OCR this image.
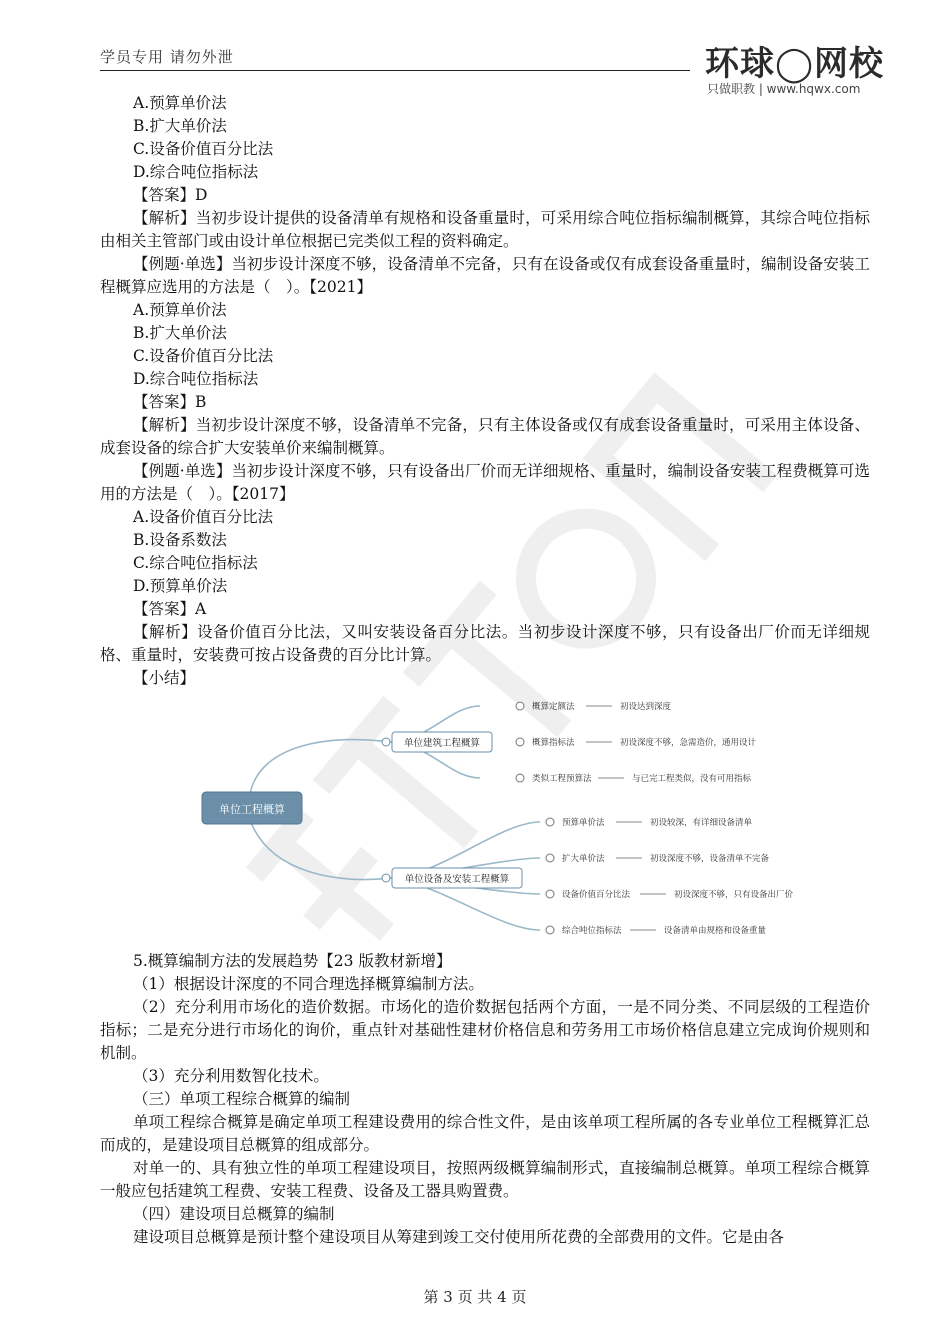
学员专用 请勿外泄	环球◯网校
只做职教 | www.hqwx.com

A.预算单价法

B.扩大单价法

C.设备价值百分比法

D.综合吨位指标法

【答案】D

【解析】当初步设计提供的设备清单有规格和设备重量时，可采用综合吨位指标编制概算，其综合吨位指标由相关主管部门或由设计单位根据已完类似工程的资料确定。

【例题·单选】当初步设计深度不够，设备清单不完备，只有在设备或仅有成套设备重量时，编制设备安装工程概算应选用的方法是（　）。【2021】

A.预算单价法

B.扩大单价法

C.设备价值百分比法

D.综合吨位指标法

【答案】B

【解析】当初步设计深度不够，设备清单不完备，只有主体设备或仅有成套设备重量时，可采用主体设备、成套设备的综合扩大安装单价来编制概算。

【例题·单选】当初步设计深度不够，只有设备出厂价而无详细规格、重量时，编制设备安装工程费概算可选用的方法是（　）。【2017】

A.设备价值百分比法

B.设备系数法

C.综合吨位指标法

D.预算单价法

【答案】A

【解析】设备价值百分比法，又叫安装设备百分比法。当初步设计深度不够，只有设备出厂价而无详细规格、重量时，安装费可按占设备费的百分比计算。

【小结】

单位工程概算
单位建筑工程概算
概算定额法	初设达到深度
概算指标法	初设深度不够，急需造价，通用设计
类似工程预算法	与已完工程类似，没有可用指标
单位设备及安装工程概算
预算单价法	初设较深，有详细设备清单
扩大单价法	初设深度不够，设备清单不完备
设备价值百分比法	初设深度不够，只有设备出厂价
综合吨位指标法	设备清单由规格和设备重量

5.概算编制方法的发展趋势【23 版教材新增】

（1）根据设计深度的不同合理选择概算编制方法。

（2）充分利用市场化的造价数据。市场化的造价数据包括两个方面，一是不同分类、不同层级的工程造价指标；二是充分进行市场化的询价，重点针对基础性建材价格信息和劳务用工市场价格信息建立完成询价规则和机制。

（3）充分利用数智化技术。

（三）单项工程综合概算的编制

单项工程综合概算是确定单项工程建设费用的综合性文件，是由该单项工程所属的各专业单位工程概算汇总而成的，是建设项目总概算的组成部分。

对单一的、具有独立性的单项工程建设项目，按照两级概算编制形式，直接编制总概算。单项工程综合概算一般应包括建筑工程费、安装工程费、设备及工器具购置费。

（四）建设项目总概算的编制

建设项目总概算是预计整个建设项目从筹建到竣工交付使用所花费的全部费用的文件。它是由各

第 3 页 共 4 页
